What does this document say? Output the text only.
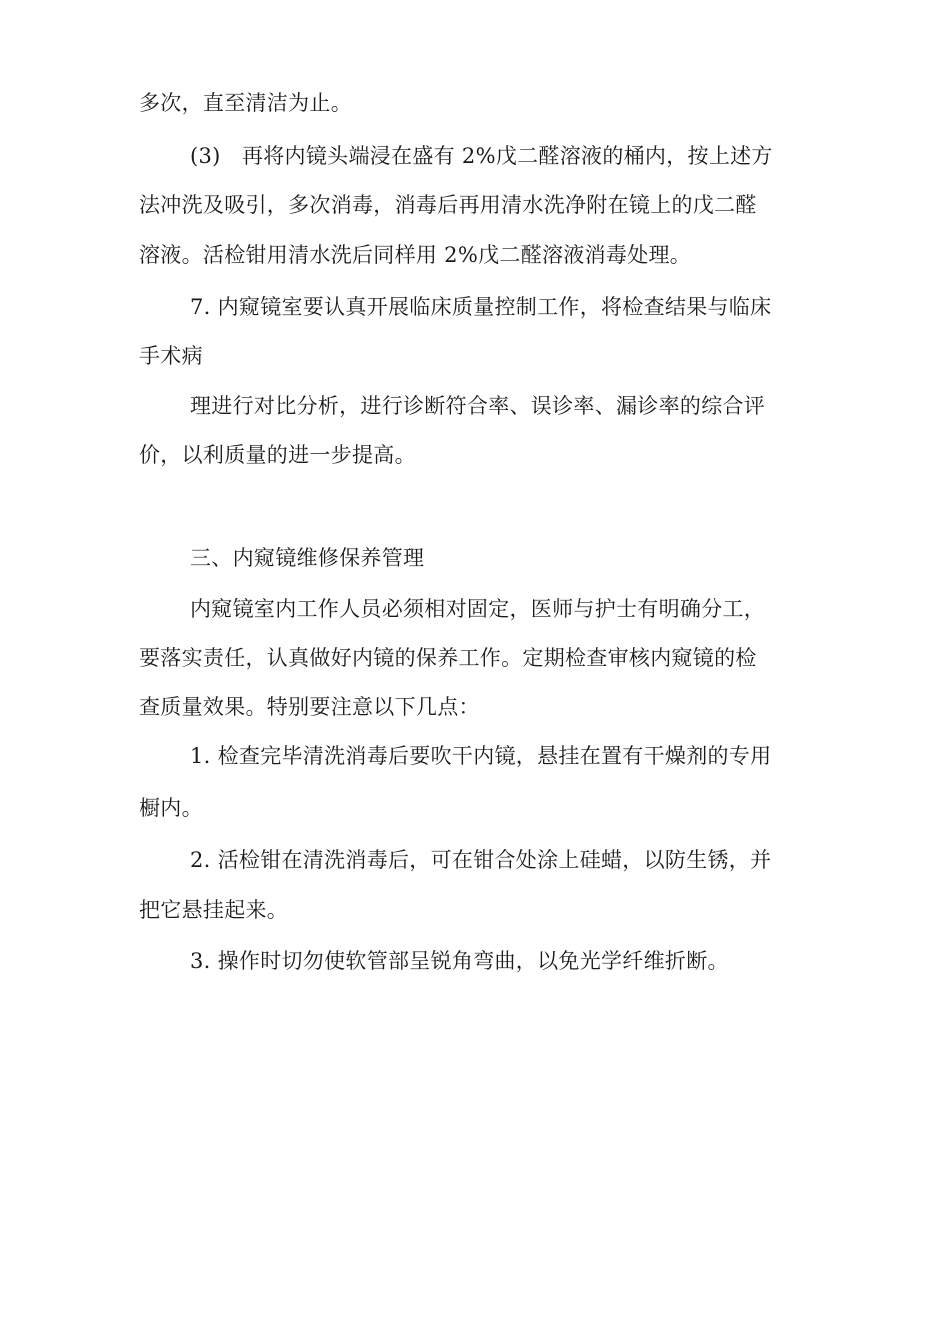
多次，直至清洁为止。
(3)　再将内镜头端浸在盛有 2%戊二醛溶液的桶内，按上述方
法冲洗及吸引，多次消毒，消毒后再用清水洗净附在镜上的戊二醛
溶液。活检钳用清水洗后同样用 2%戊二醛溶液消毒处理。
7. 内窥镜室要认真开展临床质量控制工作，将检查结果与临床
手术病
理进行对比分析，进行诊断符合率、误诊率、漏诊率的综合评
价，以利质量的进一步提高。
三、内窥镜维修保养管理
内窥镜室内工作人员必须相对固定，医师与护士有明确分工，
要落实责任，认真做好内镜的保养工作。定期检查审核内窥镜的检
查质量效果。特别要注意以下几点：
1. 检查完毕清洗消毒后要吹干内镜，悬挂在置有干燥剂的专用
橱内。
2. 活检钳在清洗消毒后，可在钳合处涂上硅蜡，以防生锈，并
把它悬挂起来。
3. 操作时切勿使软管部呈锐角弯曲，以免光学纤维折断。
